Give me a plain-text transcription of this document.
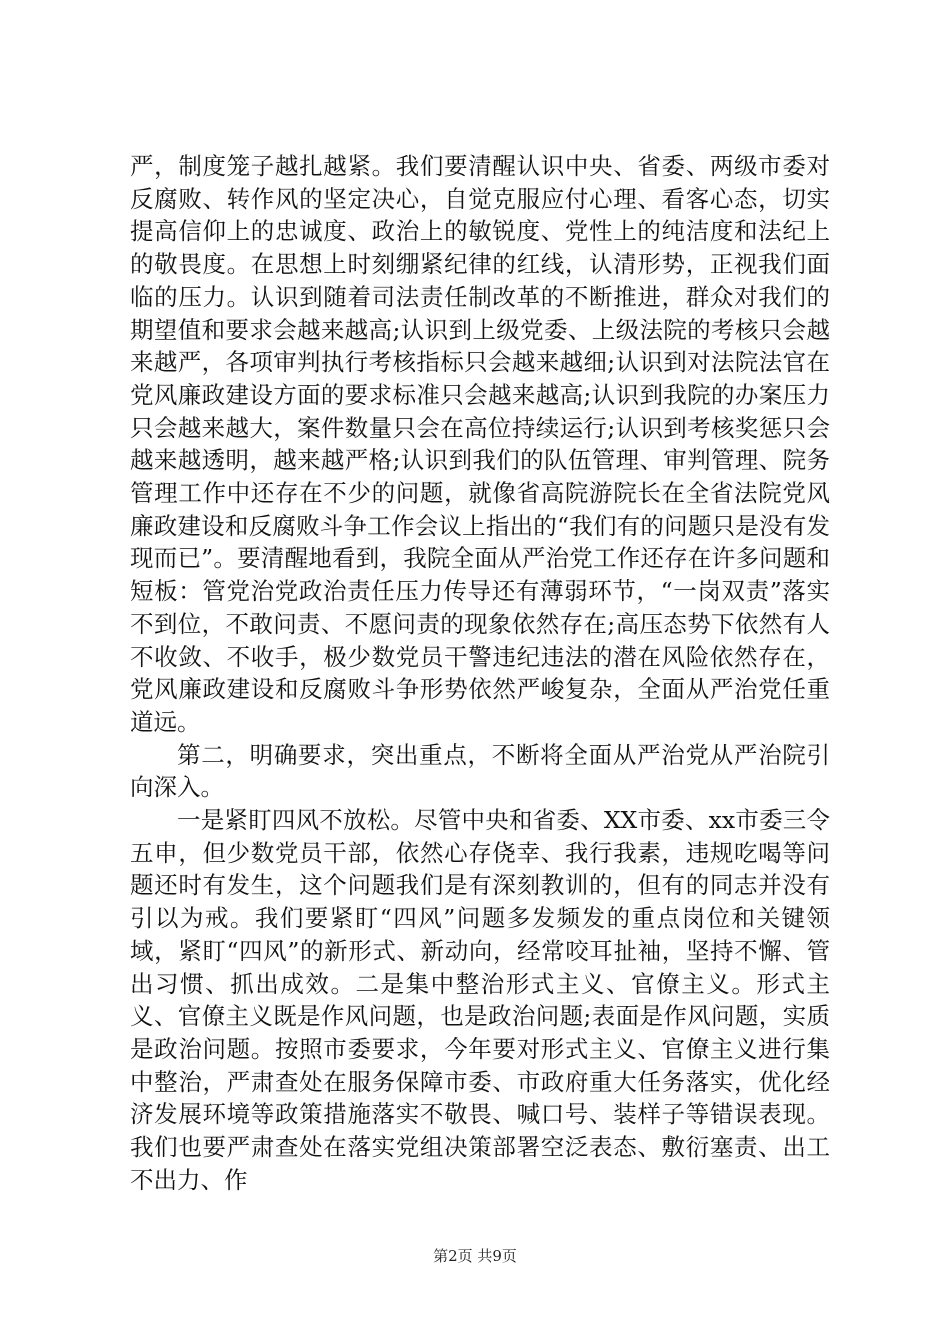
严，制度笼子越扎越紧。我们要清醒认识中央、省委、两级市委对反腐败、转作风的坚定决心，自觉克服应付心理、看客心态，切实提高信仰上的忠诚度、政治上的敏锐度、党性上的纯洁度和法纪上的敬畏度。在思想上时刻绷紧纪律的红线，认清形势，正视我们面临的压力。认识到随着司法责任制改革的不断推进，群众对我们的期望值和要求会越来越高;认识到上级党委、上级法院的考核只会越来越严，各项审判执行考核指标只会越来越细;认识到对法院法官在党风廉政建设方面的要求标准只会越来越高;认识到我院的办案压力只会越来越大，案件数量只会在高位持续运行;认识到考核奖惩只会越来越透明，越来越严格;认识到我们的队伍管理、审判管理、院务管理工作中还存在不少的问题，就像省高院游院长在全省法院党风廉政建设和反腐败斗争工作会议上指出的“我们有的问题只是没有发现而已”。要清醒地看到，我院全面从严治党工作还存在许多问题和短板：管党治党政治责任压力传导还有薄弱环节，“一岗双责”落实不到位，不敢问责、不愿问责的现象依然存在;高压态势下依然有人不收敛、不收手，极少数党员干警违纪违法的潜在风险依然存在，党风廉政建设和反腐败斗争形势依然严峻复杂，全面从严治党任重道远。

第二，明确要求，突出重点，不断将全面从严治党从严治院引向深入。

一是紧盯四风不放松。尽管中央和省委、XX市委、xx市委三令五申，但少数党员干部，依然心存侥幸、我行我素，违规吃喝等问题还时有发生，这个问题我们是有深刻教训的，但有的同志并没有引以为戒。我们要紧盯“四风”问题多发频发的重点岗位和关键领域，紧盯“四风”的新形式、新动向，经常咬耳扯袖，坚持不懈、管出习惯、抓出成效。二是集中整治形式主义、官僚主义。形式主义、官僚主义既是作风问题，也是政治问题;表面是作风问题，实质是政治问题。按照市委要求，今年要对形式主义、官僚主义进行集中整治，严肃查处在服务保障市委、市政府重大任务落实，优化经济发展环境等政策措施落实不敬畏、喊口号、装样子等错误表现。我们也要严肃查处在落实党组决策部署空泛表态、敷衍塞责、出工不出力、作

第2页 共9页
